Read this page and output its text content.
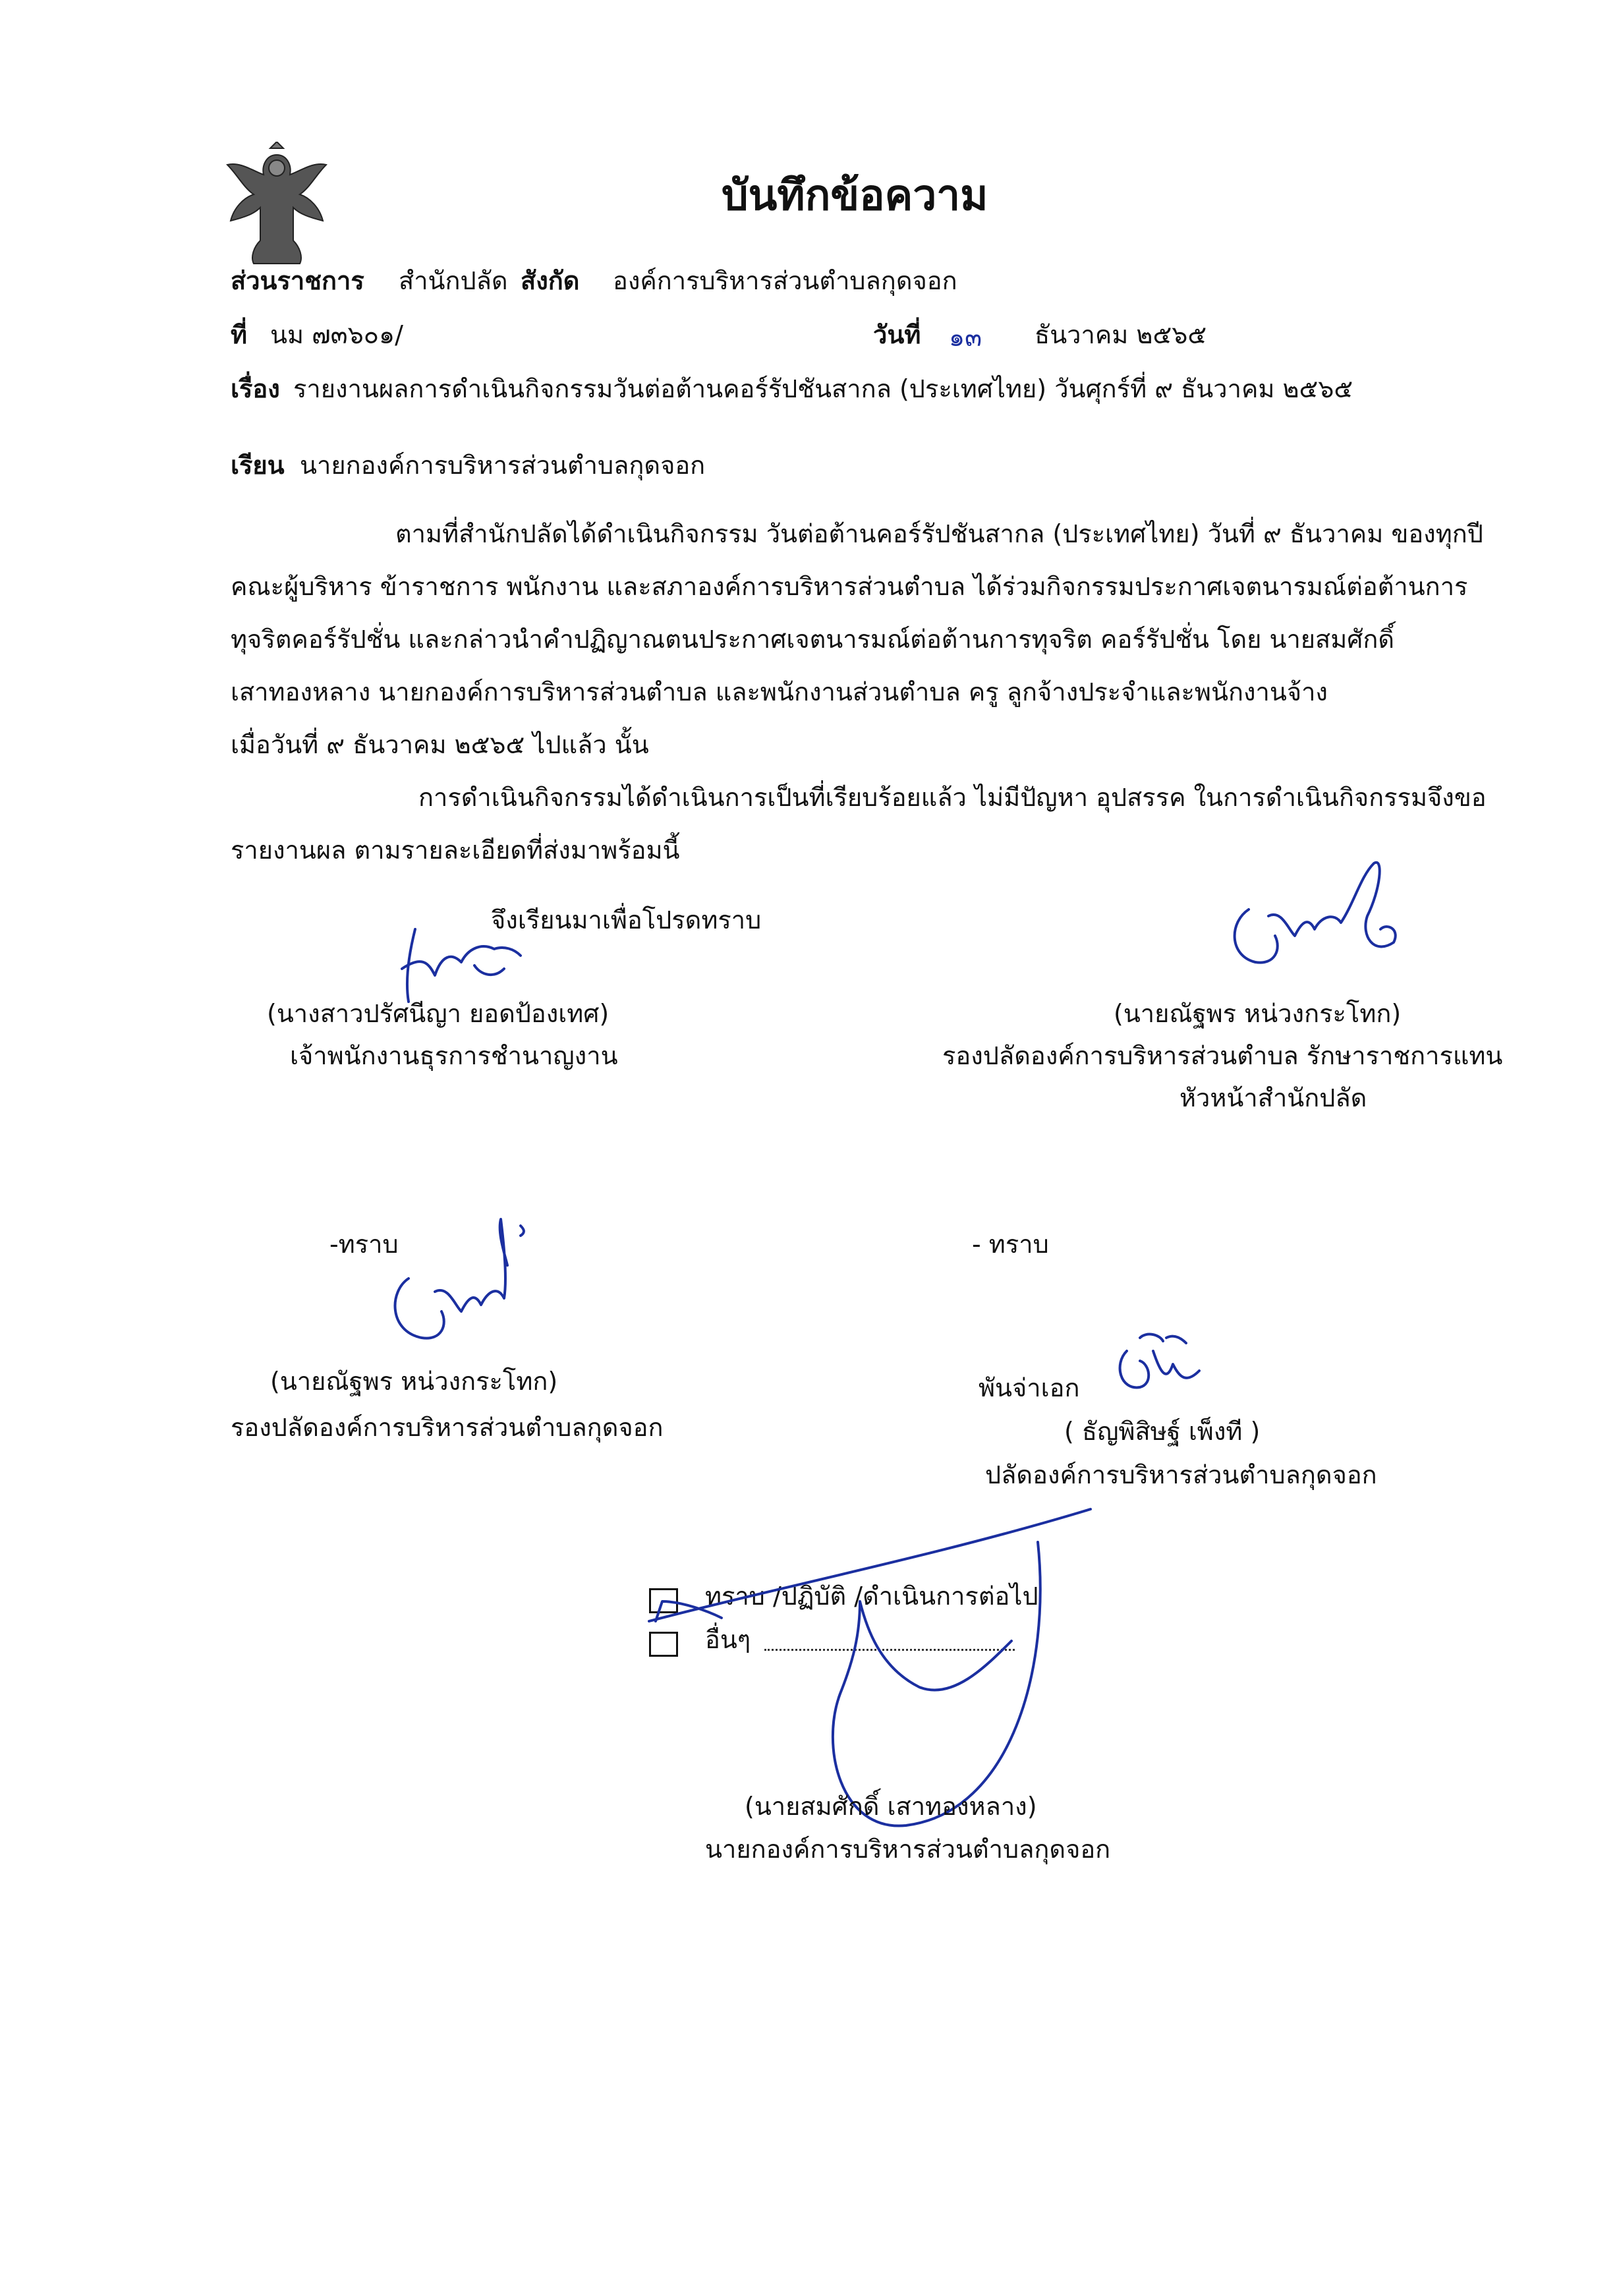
บันทึกข้อความ
ส่วนราชการ สำนักปลัด สังกัด องค์การบริหารส่วนตำบลกุดจอก
ที่ นม ๗๓๖๐๑/	วันที่ ๑๓ ธันวาคม ๒๕๖๕
เรื่อง รายงานผลการดำเนินกิจกรรมวันต่อต้านคอร์รัปชันสากล (ประเทศไทย) วันศุกร์ที่ ๙ ธันวาคม ๒๕๖๕
เรียน นายกองค์การบริหารส่วนตำบลกุดจอก
ตามที่สำนักปลัดได้ดำเนินกิจกรรม วันต่อต้านคอร์รัปชันสากล (ประเทศไทย) วันที่ ๙ ธันวาคม ของทุกปี
คณะผู้บริหาร ข้าราชการ พนักงาน และสภาองค์การบริหารส่วนตำบล ได้ร่วมกิจกรรมประกาศเจตนารมณ์ต่อต้านการ
ทุจริตคอร์รัปชั่น และกล่าวนำคำปฏิญาณตนประกาศเจตนารมณ์ต่อต้านการทุจริต คอร์รัปชั่น โดย นายสมศักดิ์
เสาทองหลาง นายกองค์การบริหารส่วนตำบล และพนักงานส่วนตำบล ครู ลูกจ้างประจำและพนักงานจ้าง
เมื่อวันที่ ๙ ธันวาคม ๒๕๖๕ ไปแล้ว นั้น
การดำเนินกิจกรรมได้ดำเนินการเป็นที่เรียบร้อยแล้ว ไม่มีปัญหา อุปสรรค ในการดำเนินกิจกรรมจึงขอ
รายงานผล ตามรายละเอียดที่ส่งมาพร้อมนี้
จึงเรียนมาเพื่อโปรดทราบ
(นางสาวปรัศนีญา ยอดป้องเทศ)
เจ้าพนักงานธุรการชำนาญงาน
(นายณัฐพร หน่วงกระโทก)
รองปลัดองค์การบริหารส่วนตำบล รักษาราชการแทน
หัวหน้าสำนักปลัด
-ทราบ	- ทราบ
(นายณัฐพร หน่วงกระโทก)
รองปลัดองค์การบริหารส่วนตำบลกุดจอก
พันจ่าเอก
( ธัญพิสิษฐ์ เพ็งที )
ปลัดองค์การบริหารส่วนตำบลกุดจอก
ทราบ /ปฏิบัติ /ดำเนินการต่อไป
อื่นๆ
(นายสมศักดิ์ เสาทองหลาง)
นายกองค์การบริหารส่วนตำบลกุดจอก
